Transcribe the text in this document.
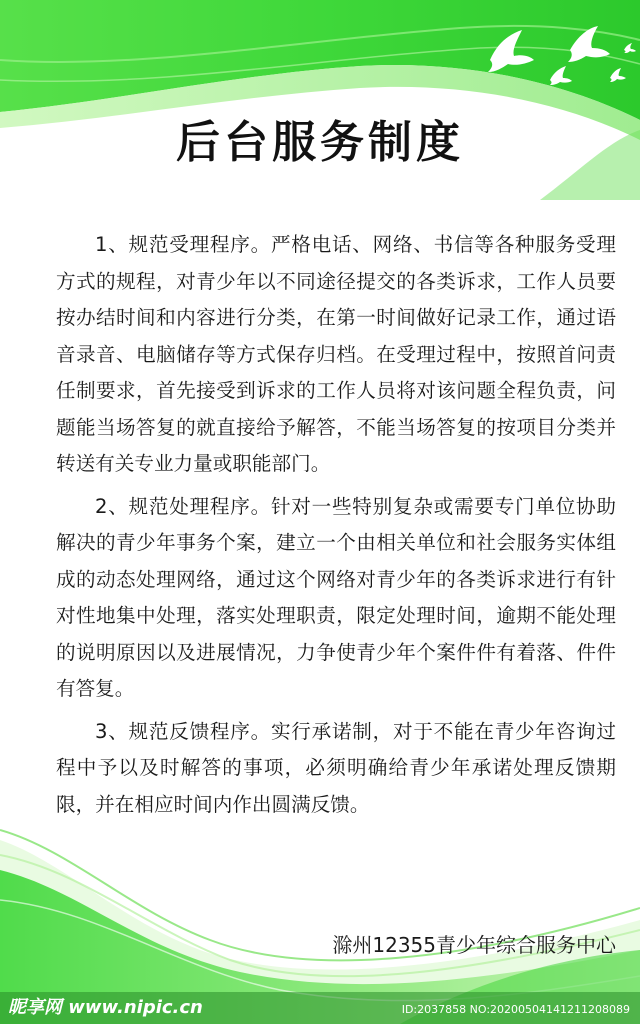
后台服务制度

1、规范受理程序。严格电话、网络、书信等各种服务受理方式的规程，对青少年以不同途径提交的各类诉求，工作人员要按办结时间和内容进行分类，在第一时间做好记录工作，通过语音录音、电脑储存等方式保存归档。在受理过程中，按照首问责任制要求，首先接受到诉求的工作人员将对该问题全程负责，问题能当场答复的就直接给予解答，不能当场答复的按项目分类并转送有关专业力量或职能部门。

2、规范处理程序。针对一些特别复杂或需要专门单位协助解决的青少年事务个案，建立一个由相关单位和社会服务实体组成的动态处理网络，通过这个网络对青少年的各类诉求进行有针对性地集中处理，落实处理职责，限定处理时间，逾期不能处理的说明原因以及进展情况，力争使青少年个案件件有着落、件件有答复。

3、规范反馈程序。实行承诺制，对于不能在青少年咨询过程中予以及时解答的事项，必须明确给青少年承诺处理反馈期限，并在相应时间内作出圆满反馈。

滁州12355青少年综合服务中心
昵享网 www.nipic.cn	ID:2037858 NO:20200504141211208089
